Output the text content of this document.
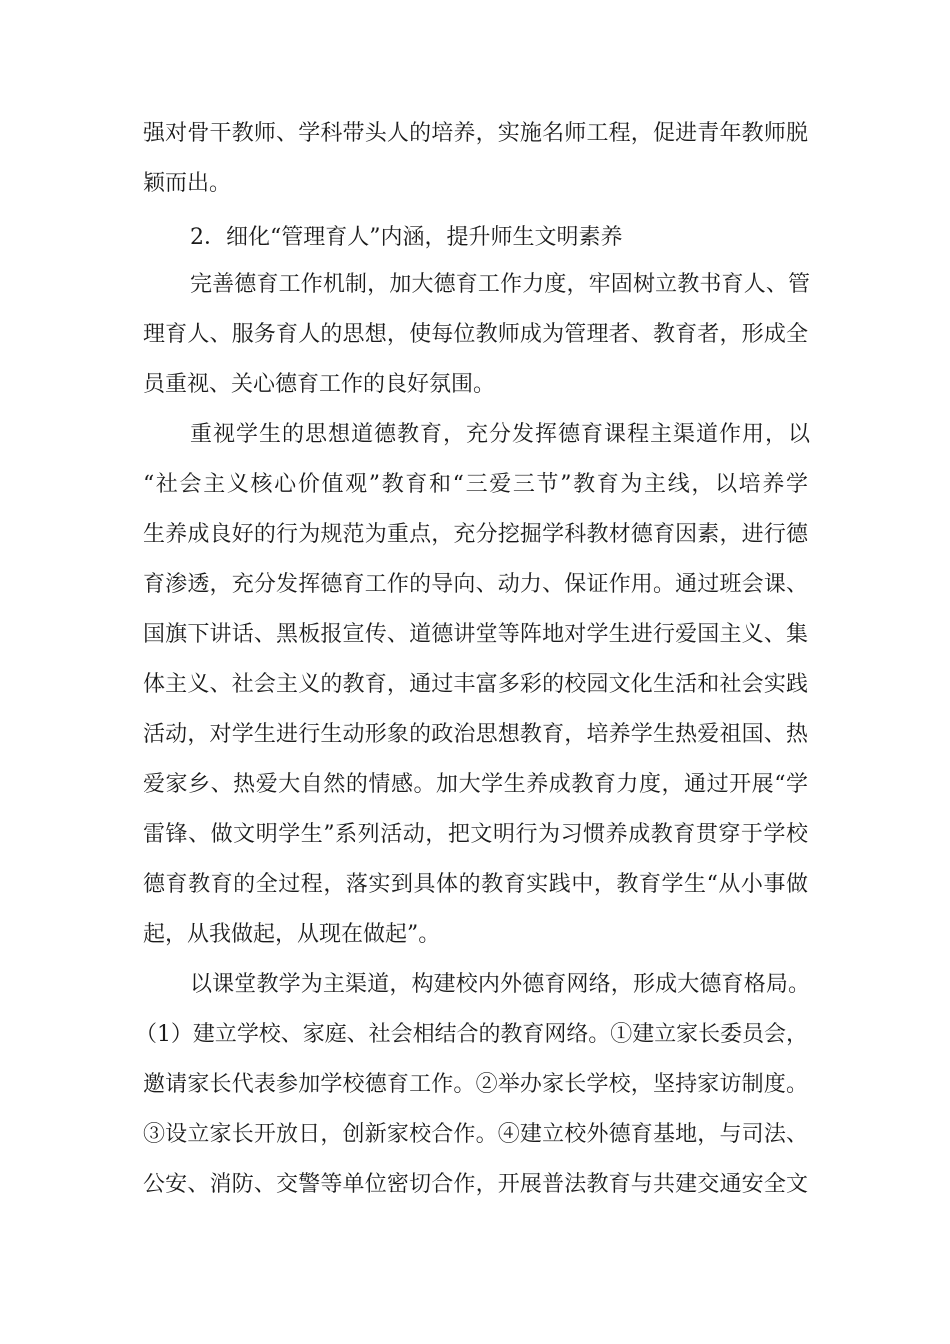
强对骨干教师、学科带头人的培养，实施名师工程，促进青年教师脱
颖而出。
2．细化“管理育人”内涵，提升师生文明素养
完善德育工作机制，加大德育工作力度，牢固树立教书育人、管
理育人、服务育人的思想，使每位教师成为管理者、教育者，形成全
员重视、关心德育工作的良好氛围。
重视学生的思想道德教育，充分发挥德育课程主渠道作用，以
“社会主义核心价值观”教育和“三爱三节”教育为主线，以培养学
生养成良好的行为规范为重点，充分挖掘学科教材德育因素，进行德
育渗透，充分发挥德育工作的导向、动力、保证作用。通过班会课、
国旗下讲话、黑板报宣传、道德讲堂等阵地对学生进行爱国主义、集
体主义、社会主义的教育，通过丰富多彩的校园文化生活和社会实践
活动，对学生进行生动形象的政治思想教育，培养学生热爱祖国、热
爱家乡、热爱大自然的情感。加大学生养成教育力度，通过开展“学
雷锋、做文明学生”系列活动，把文明行为习惯养成教育贯穿于学校
德育教育的全过程，落实到具体的教育实践中，教育学生“从小事做
起，从我做起，从现在做起”。
以课堂教学为主渠道，构建校内外德育网络，形成大德育格局。
（1）建立学校、家庭、社会相结合的教育网络。①建立家长委员会，
邀请家长代表参加学校德育工作。②举办家长学校，坚持家访制度。
③设立家长开放日，创新家校合作。④建立校外德育基地，与司法、
公安、消防、交警等单位密切合作，开展普法教育与共建交通安全文
